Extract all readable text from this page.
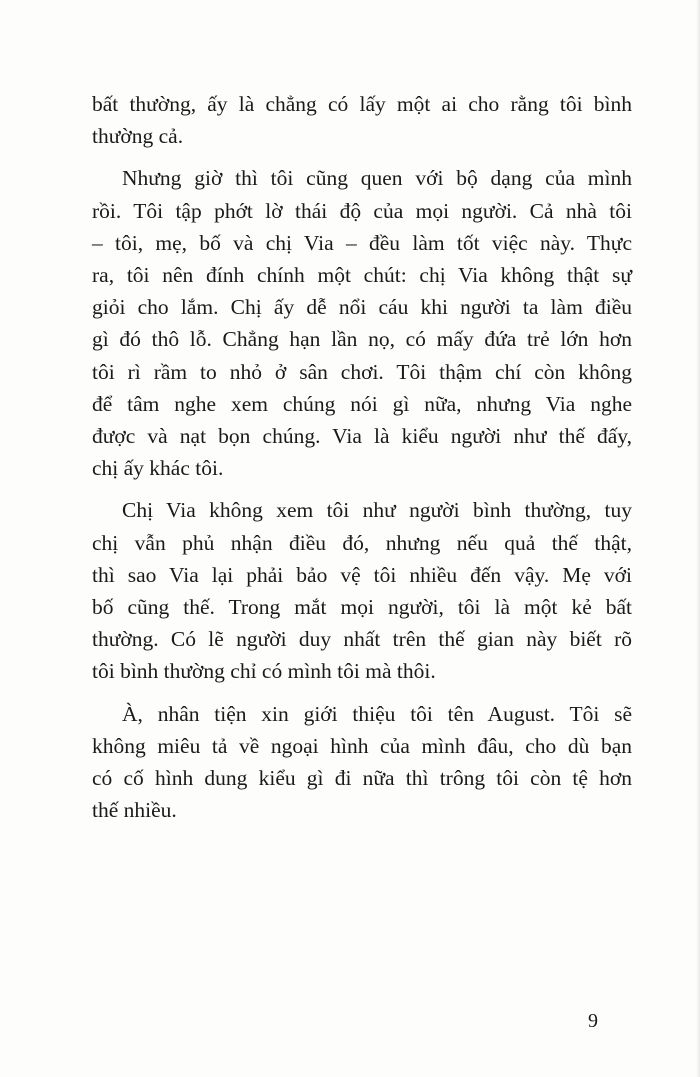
bất thường, ấy là chẳng có lấy một ai cho rằng tôi bình
thường cả.
Nhưng giờ thì tôi cũng quen với bộ dạng của mình
rồi. Tôi tập phớt lờ thái độ của mọi người. Cả nhà tôi
– tôi, mẹ, bố và chị Via – đều làm tốt việc này. Thực
ra, tôi nên đính chính một chút: chị Via không thật sự
giỏi cho lắm. Chị ấy dễ nổi cáu khi người ta làm điều
gì đó thô lỗ. Chẳng hạn lần nọ, có mấy đứa trẻ lớn hơn
tôi rì rầm to nhỏ ở sân chơi. Tôi thậm chí còn không
để tâm nghe xem chúng nói gì nữa, nhưng Via nghe
được và nạt bọn chúng. Via là kiểu người như thế đấy,
chị ấy khác tôi.
Chị Via không xem tôi như người bình thường, tuy
chị vẫn phủ nhận điều đó, nhưng nếu quả thế thật,
thì sao Via lại phải bảo vệ tôi nhiều đến vậy. Mẹ với
bố cũng thế. Trong mắt mọi người, tôi là một kẻ bất
thường. Có lẽ người duy nhất trên thế gian này biết rõ
tôi bình thường chỉ có mình tôi mà thôi.
À, nhân tiện xin giới thiệu tôi tên August. Tôi sẽ
không miêu tả về ngoại hình của mình đâu, cho dù bạn
có cố hình dung kiểu gì đi nữa thì trông tôi còn tệ hơn
thế nhiều.
9
